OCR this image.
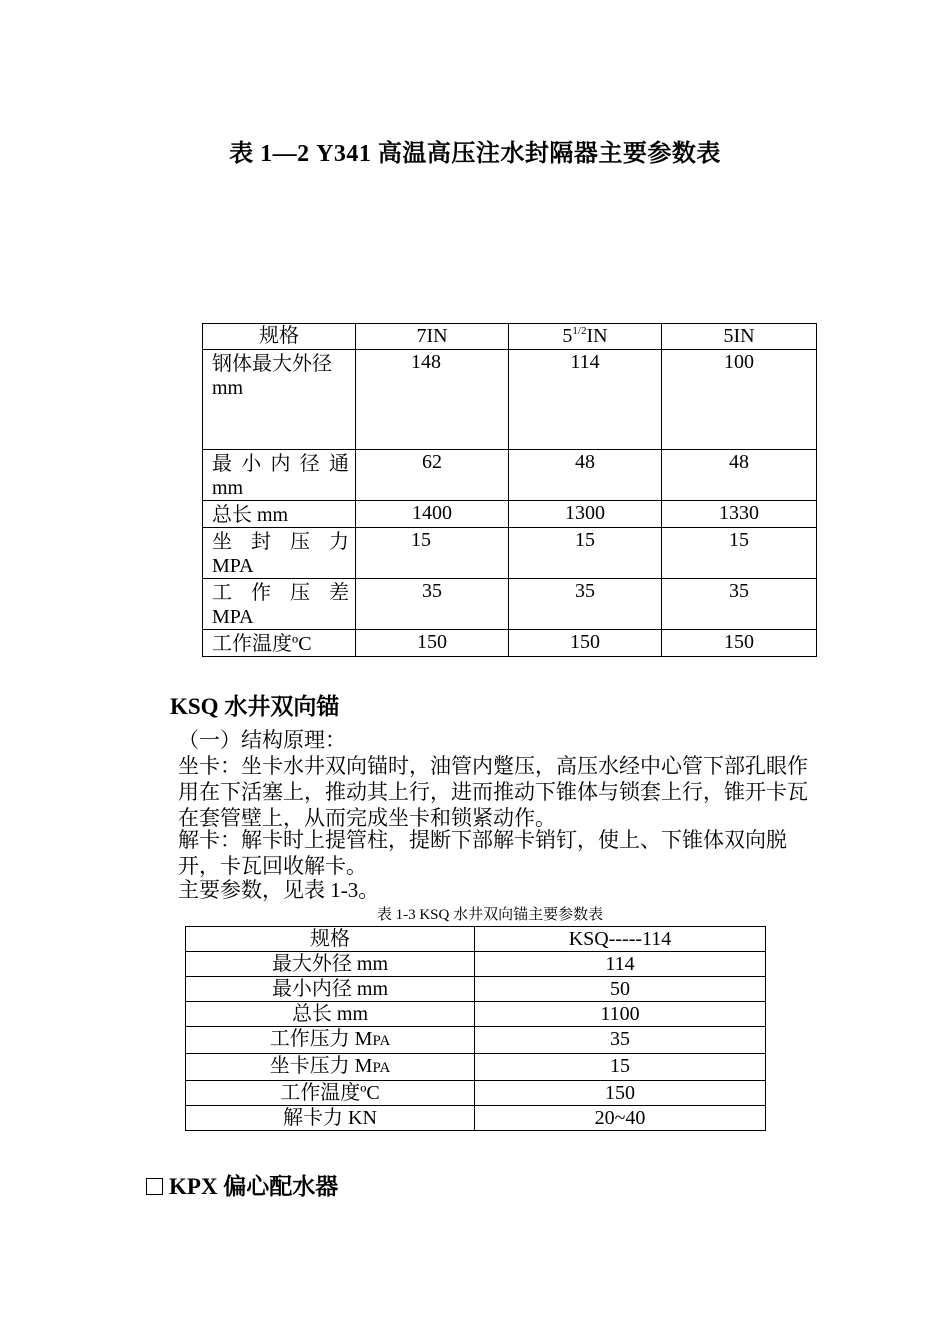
表 1—2 Y341 高温高压注水封隔器主要参数表
规格	7IN	$5^{1/2}IN$	5IN

钢体最大外径
mm	148	114	100

最小内径通
mm	62	48	48
总长 mm	1400	1300	1330

坐封压力
MPA	15	15	15

工作压差
MPA	35	35	35
工作温度ºC	150	150	150
KSQ 水井双向锚
（一）结构原理：
坐卡：坐卡水井双向锚时，油管内蹩压，高压水经中心管下部孔眼作用在下活塞上，推动其上行，进而推动下锥体与锁套上行，锥开卡瓦在套管壁上，从而完成坐卡和锁紧动作。
解卡：解卡时上提管柱，提断下部解卡销钉，使上、下锥体双向脱开，卡瓦回收解卡。
主要参数，见表 1-3。
表 1-3 KSQ 水井双向锚主要参数表
规格	KSQ-----114
最大外径 mm	114
最小内径 mm	50
总长 mm	1100
工作压力 MPA	35
坐卡压力 MPA	15
工作温度ºC	150
解卡力 KN	20~40
KPX 偏心配水器
